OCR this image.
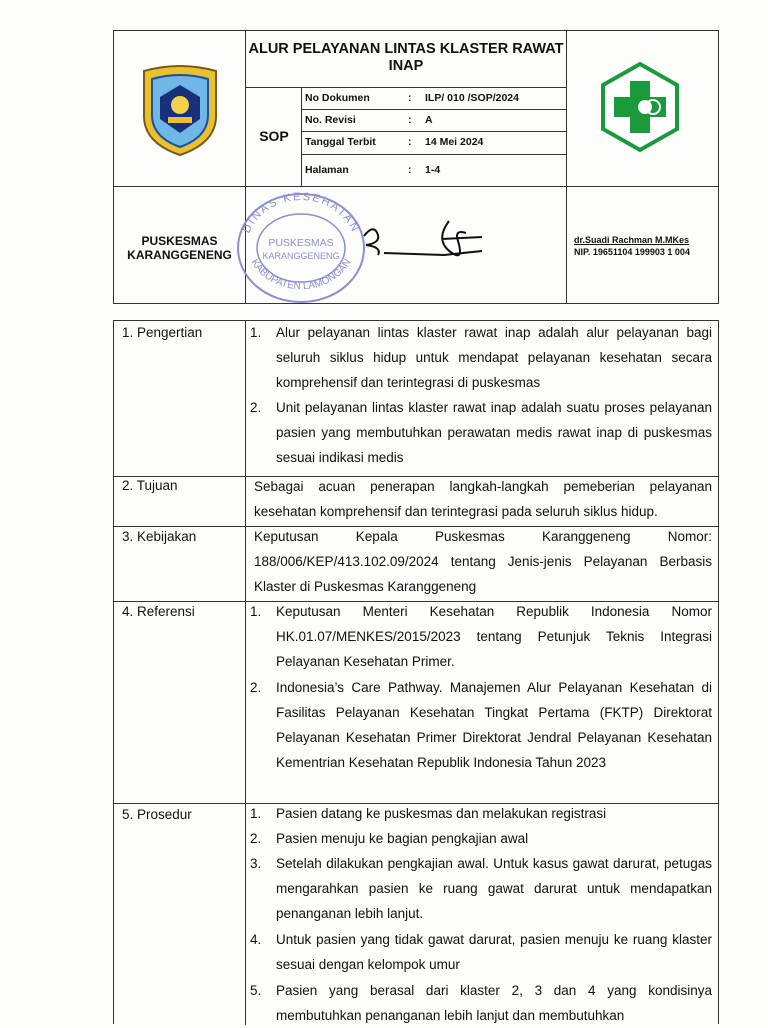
ALUR PELAYANAN LINTAS KLASTER RAWAT INAP
SOP
No Dokumen	: ILP/ 010 /SOP/2024
No. Revisi	: A
Tanggal Terbit	: 14 Mei 2024
Halaman	: 1-4
PUSKESMAS
KARANGGENENG
DINAS KESEHATAN
KABUPATEN LAMONGAN
PUSKESMAS
KARANGGENENG
dr.Suadi Rachman M.MKes
NIP. 19651104 199903 1 004
1. Pengertian	1. Alur pelayanan lintas klaster rawat inap adalah alur pelayanan bagi seluruh siklus hidup untuk mendapat pelayanan kesehatan secara komprehensif dan terintegrasi di puskesmas
2. Unit pelayanan lintas klaster rawat inap adalah suatu proses pelayanan pasien yang membutuhkan perawatan medis rawat inap di puskesmas sesuai indikasi medis
2. Tujuan	Sebagai acuan penerapan langkah-langkah pemeberian pelayanan kesehatan komprehensif dan terintegrasi pada seluruh siklus hidup.
3. Kebijakan	Keputusan Kepala Puskesmas Karanggeneng Nomor: 188/006/KEP/413.102.09/2024 tentang Jenis-jenis Pelayanan Berbasis Klaster di Puskesmas Karanggeneng
4. Referensi	1. Keputusan Menteri Kesehatan Republik Indonesia Nomor HK.01.07/MENKES/2015/2023 tentang Petunjuk Teknis Integrasi Pelayanan Kesehatan Primer.
2. Indonesia’s Care Pathway. Manajemen Alur Pelayanan Kesehatan di Fasilitas Pelayanan Kesehatan Tingkat Pertama (FKTP) Direktorat Pelayanan Kesehatan Primer Direktorat Jendral Pelayanan Kesehatan Kementrian Kesehatan Republik Indonesia Tahun 2023
5. Prosedur	1. Pasien datang ke puskesmas dan melakukan registrasi
2. Pasien menuju ke bagian pengkajian awal
3. Setelah dilakukan pengkajian awal. Untuk kasus gawat darurat, petugas mengarahkan pasien ke ruang gawat darurat untuk mendapatkan penanganan lebih lanjut.
4. Untuk pasien yang tidak gawat darurat, pasien menuju ke ruang klaster sesuai dengan kelompok umur
5. Pasien yang berasal dari klaster 2, 3 dan 4 yang kondisinya membutuhkan penanganan lebih lanjut dan membutuhkan
